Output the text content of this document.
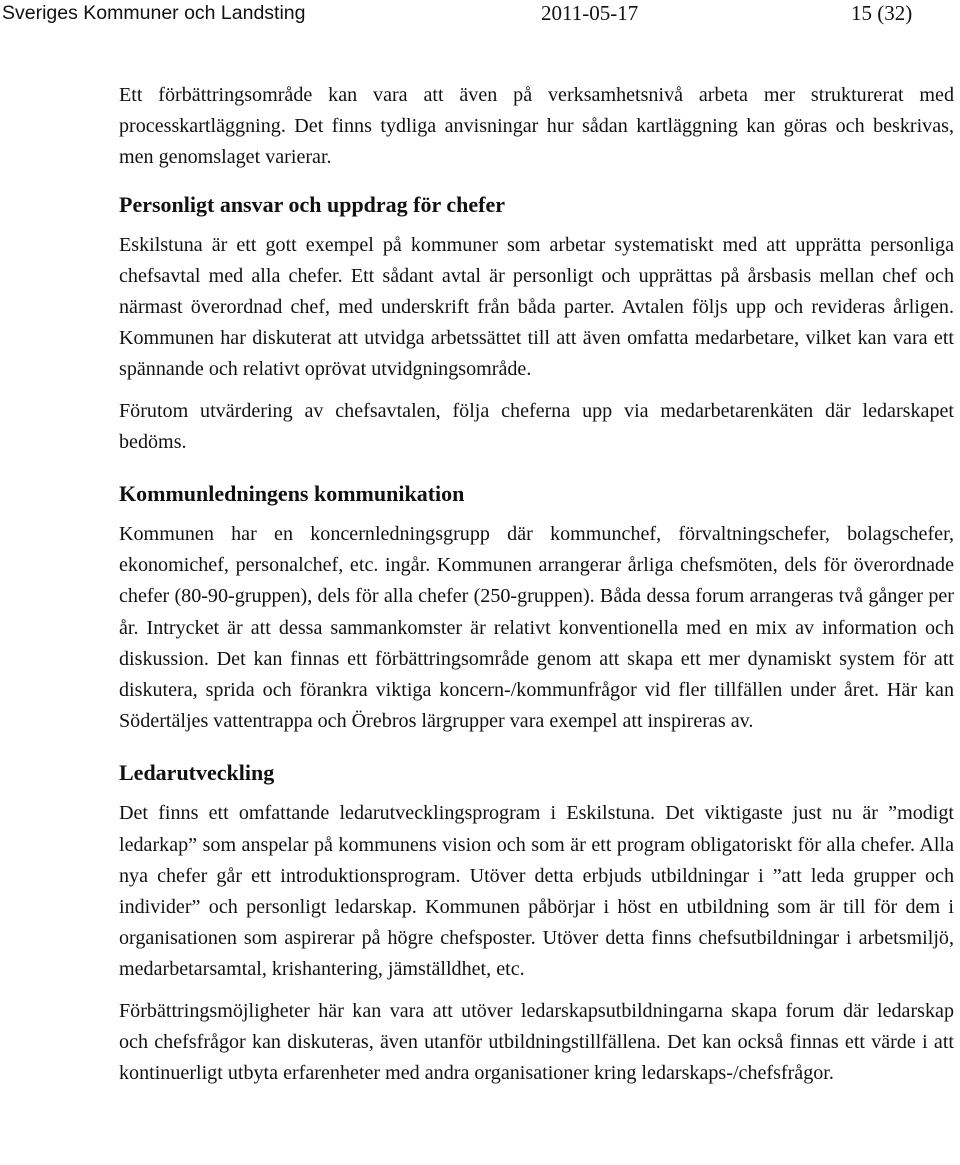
Sveriges Kommuner och Landsting	2011-05-17	15 (32)

Ett förbättringsområde kan vara att även på verksamhetsnivå arbeta mer strukturerat med processkartläggning. Det finns tydliga anvisningar hur sådan kartläggning kan göras och beskrivas, men genomslaget varierar.

Personligt ansvar och uppdrag för chefer

Eskilstuna är ett gott exempel på kommuner som arbetar systematiskt med att upprätta personliga chefsavtal med alla chefer. Ett sådant avtal är personligt och upprättas på årsbasis mellan chef och närmast överordnad chef, med underskrift från båda parter. Avtalen följs upp och revideras årligen. Kommunen har diskuterat att utvidga arbetssättet till att även omfatta medarbetare, vilket kan vara ett spännande och relativt oprövat utvidgningsområde.

Förutom utvärdering av chefsavtalen, följa cheferna upp via medarbetarenkäten där ledarskapet bedöms.

Kommunledningens kommunikation

Kommunen har en koncernledningsgrupp där kommunchef, förvaltningschefer, bolagschefer, ekonomichef, personalchef, etc. ingår. Kommunen arrangerar årliga chefsmöten, dels för överordnade chefer (80-90-gruppen), dels för alla chefer (250-gruppen). Båda dessa forum arrangeras två gånger per år. Intrycket är att dessa sammankomster är relativt konventionella med en mix av information och diskussion. Det kan finnas ett förbättringsområde genom att skapa ett mer dynamiskt system för att diskutera, sprida och förankra viktiga koncern-/kommunfrågor vid fler tillfällen under året. Här kan Södertäljes vattentrappa och Örebros lärgrupper vara exempel att inspireras av.

Ledarutveckling

Det finns ett omfattande ledarutvecklingsprogram i Eskilstuna. Det viktigaste just nu är ”modigt ledarkap” som anspelar på kommunens vision och som är ett program obligatoriskt för alla chefer. Alla nya chefer går ett introduktionsprogram. Utöver detta erbjuds utbildningar i ”att leda grupper och individer” och personligt ledarskap. Kommunen påbörjar i höst en utbildning som är till för dem i organisationen som aspirerar på högre chefsposter. Utöver detta finns chefsutbildningar i arbetsmiljö, medarbetarsamtal, krishantering, jämställdhet, etc.

Förbättringsmöjligheter här kan vara att utöver ledarskapsutbildningarna skapa forum där ledarskap och chefsfrågor kan diskuteras, även utanför utbildningstillfällena. Det kan också finnas ett värde i att kontinuerligt utbyta erfarenheter med andra organisationer kring ledarskaps-/chefsfrågor.
